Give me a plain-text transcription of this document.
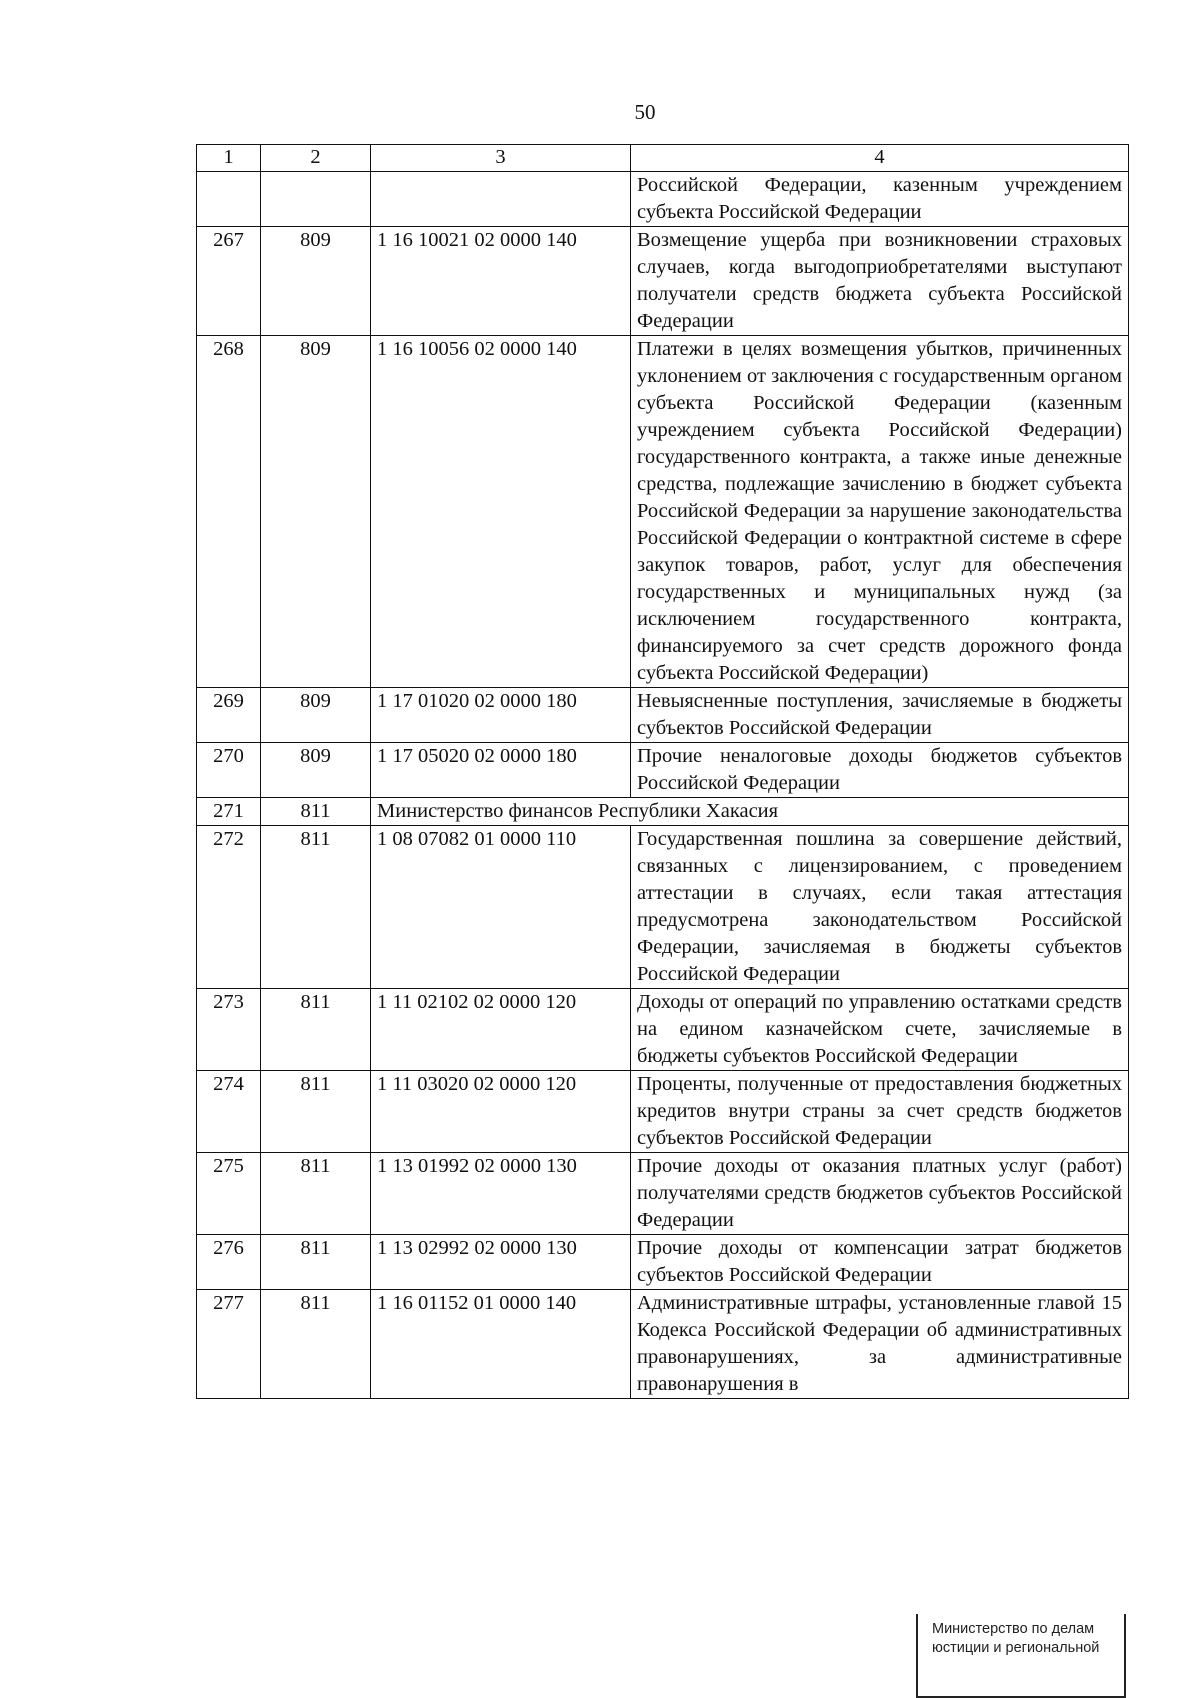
50
1	2	3	4
			Российской Федерации, казенным учреждением субъекта Российской Федерации
267	809	1 16 10021 02 0000 140	Возмещение ущерба при возникновении страховых случаев, когда выгодоприобретателями выступают получатели средств бюджета субъекта Российской Федерации
268	809	1 16 10056 02 0000 140	Платежи в целях возмещения убытков, причиненных уклонением от заключения с государственным органом субъекта Российской Федерации (казенным учреждением субъекта Российской Федерации) государственного контракта, а также иные денежные средства, подлежащие зачислению в бюджет субъекта Российской Федерации за нарушение законодательства Российской Федерации о контрактной системе в сфере закупок товаров, работ, услуг для обеспечения государственных и муниципальных нужд (за исключением государственного контракта, финансируемого за счет средств дорожного фонда субъекта Российской Федерации)
269	809	1 17 01020 02 0000 180	Невыясненные поступления, зачисляемые в бюджеты субъектов Российской Федерации
270	809	1 17 05020 02 0000 180	Прочие неналоговые доходы бюджетов субъектов Российской Федерации
271	811	Министерство финансов Республики Хакасия	
272	811	1 08 07082 01 0000 110	Государственная пошлина за совершение действий, связанных с лицензированием, с проведением аттестации в случаях, если такая аттестация предусмотрена законодательством Российской Федерации, зачисляемая в бюджеты субъектов Российской Федерации
273	811	1 11 02102 02 0000 120	Доходы от операций по управлению остатками средств на едином казначейском счете, зачисляемые в бюджеты субъектов Российской Федерации
274	811	1 11 03020 02 0000 120	Проценты, полученные от предоставления бюджетных кредитов внутри страны за счет средств бюджетов субъектов Российской Федерации
275	811	1 13 01992 02 0000 130	Прочие доходы от оказания платных услуг (работ) получателями средств бюджетов субъектов Российской Федерации
276	811	1 13 02992 02 0000 130	Прочие доходы от компенсации затрат бюджетов субъектов Российской Федерации
277	811	1 16 01152 01 0000 140	Административные штрафы, установленные главой 15 Кодекса Российской Федерации об административных правонарушениях, за административные правонарушения в
Министерство по делам
юстиции и региональной
